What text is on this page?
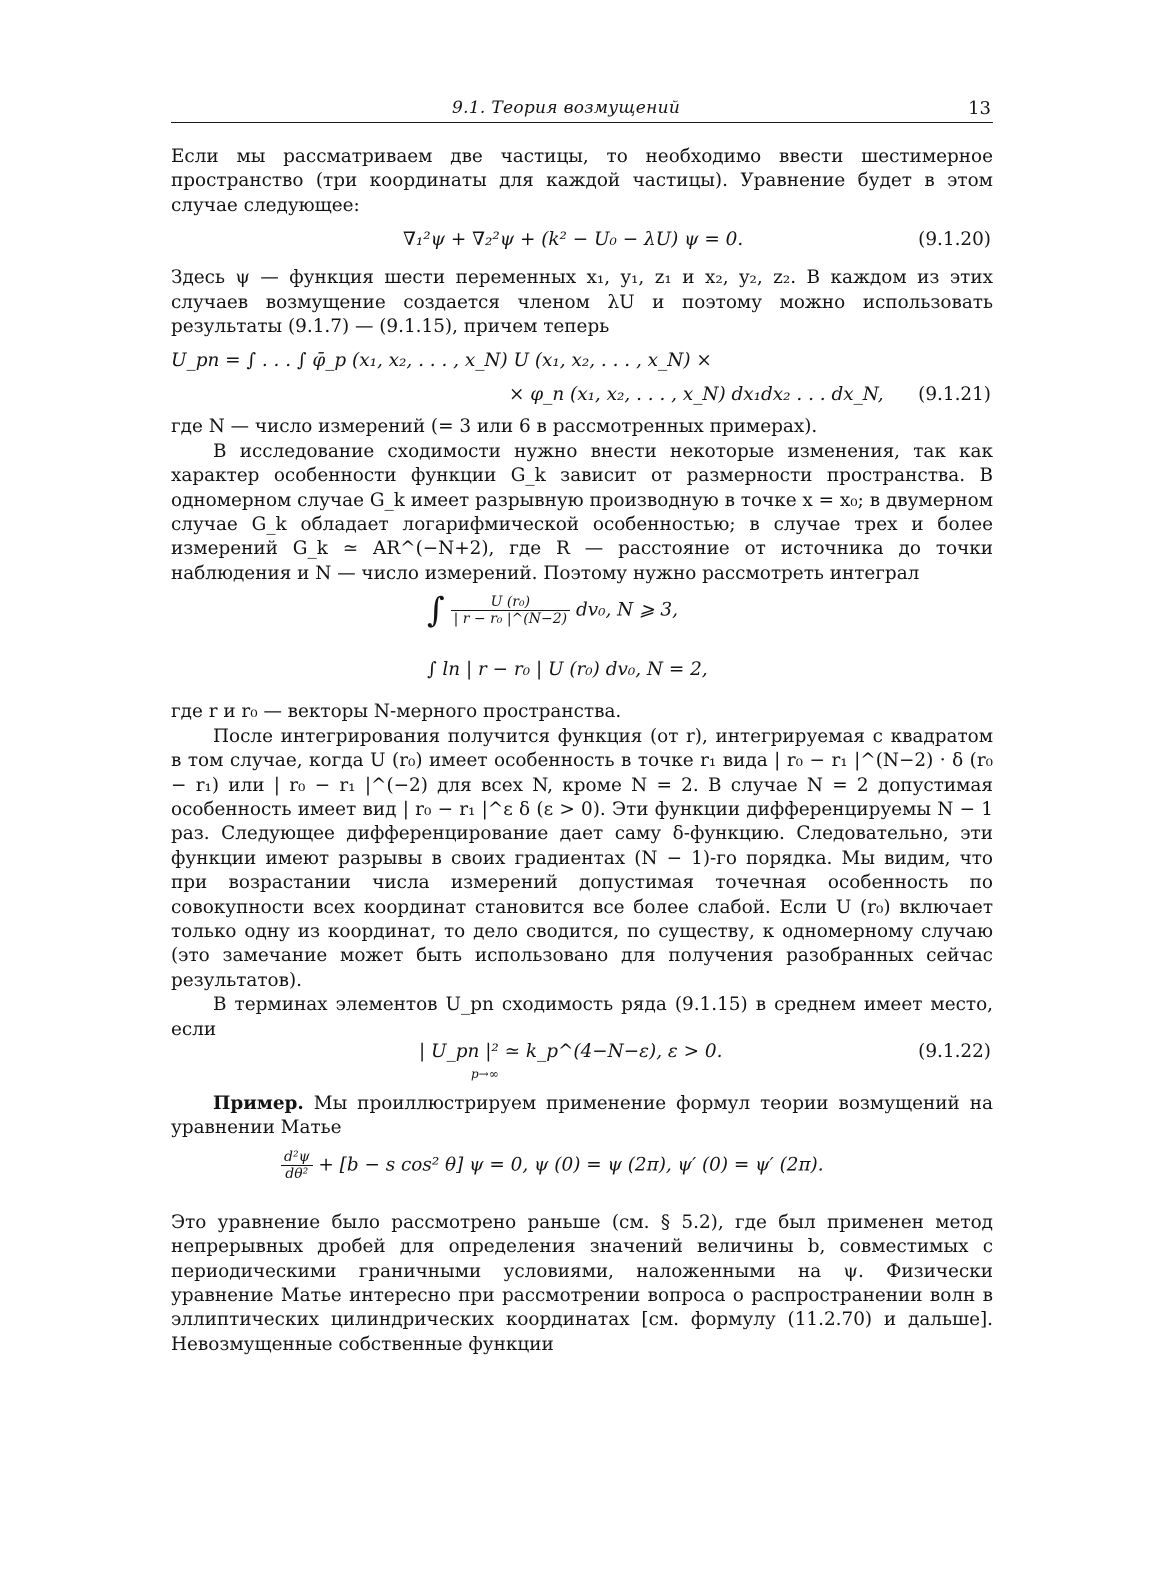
9.1. Теория возмущений	13

Если мы рассматриваем две частицы, то необходимо ввести шестимерное пространство (три координаты для каждой частицы). Уравнение будет в этом случае следующее:

∇₁²ψ + ∇₂²ψ + (k² − U₀ − λU) ψ = 0.	(9.1.20)

Здесь ψ — функция шести переменных x₁, y₁, z₁ и x₂, y₂, z₂. В каждом из этих случаев возмущение создается членом λU и поэтому можно использовать результаты (9.1.7) — (9.1.15), причем теперь

U_pn = ∫ . . . ∫ φ̄_p (x₁, x₂, . . . , x_N) U (x₁, x₂, . . . , x_N) ×
× φ_n (x₁, x₂, . . . , x_N) dx₁dx₂ . . . dx_N, (9.1.21)

где N — число измерений (= 3 или 6 в рассмотренных примерах).

В исследование сходимости нужно внести некоторые изменения, так как характер особенности функции G_k зависит от размерности пространства. В одномерном случае G_k имеет разрывную производную в точке x = x₀; в двумерном случае G_k обладает логарифмической особенностью; в случае трех и более измерений G_k ≃ AR^(−N+2), где R — расстояние от источника до точки наблюдения и N — число измерений. Поэтому нужно рассмотреть интеграл

∫ $\frac{\text{U (r₀)}}{\text{| r − r₀ |\textasciicircum{}(N−2)}} dv_0$, N ⩾ 3,
∫ ln | r − r₀ | U (r₀) dv₀, N = 2,

где r и r₀ — векторы N-мерного пространства.

После интегрирования получится функция (от r), интегрируемая с квадратом в том случае, когда U (r₀) имеет особенность в точке r₁ вида | r₀ − r₁ |^(N−2) · δ (r₀ − r₁) или | r₀ − r₁ |^(−2) для всех N, кроме N = 2. В случае N = 2 допустимая особенность имеет вид | r₀ − r₁ |^ε δ (ε > 0). Эти функции дифференцируемы N − 1 раз. Следующее дифференцирование дает саму δ-функцию. Следовательно, эти функции имеют разрывы в своих градиентах (N − 1)-го порядка. Мы видим, что при возрастании числа измерений допустимая точечная особенность по совокупности всех координат становится все более слабой. Если U (r₀) включает только одну из координат, то дело сводится, по существу, к одномерному случаю (это замечание может быть использовано для получения разобранных сейчас результатов).

В терминах элементов U_pn сходимость ряда (9.1.15) в среднем имеет место, если

| U_pn |² ≃ k_p^(4−N−ε), ε > 0.
p→∞
(9.1.22)

Пример. Мы проиллюстрируем применение формул теории возмущений на уравнении Матье

$\frac{\text{d²ψ}}{\text{dθ²}} + [b - s$ cos² θ] ψ = 0, ψ (0) = ψ (2π), ψ′ (0) = ψ′ (2π).

Это уравнение было рассмотрено раньше (см. § 5.2), где был применен метод непрерывных дробей для определения значений величины b, совместимых с периодическими граничными условиями, наложенными на ψ. Физически уравнение Матье интересно при рассмотрении вопроса о распространении волн в эллиптических цилиндрических координатах [см. формулу (11.2.70) и дальше]. Невозмущенные собственные функции
